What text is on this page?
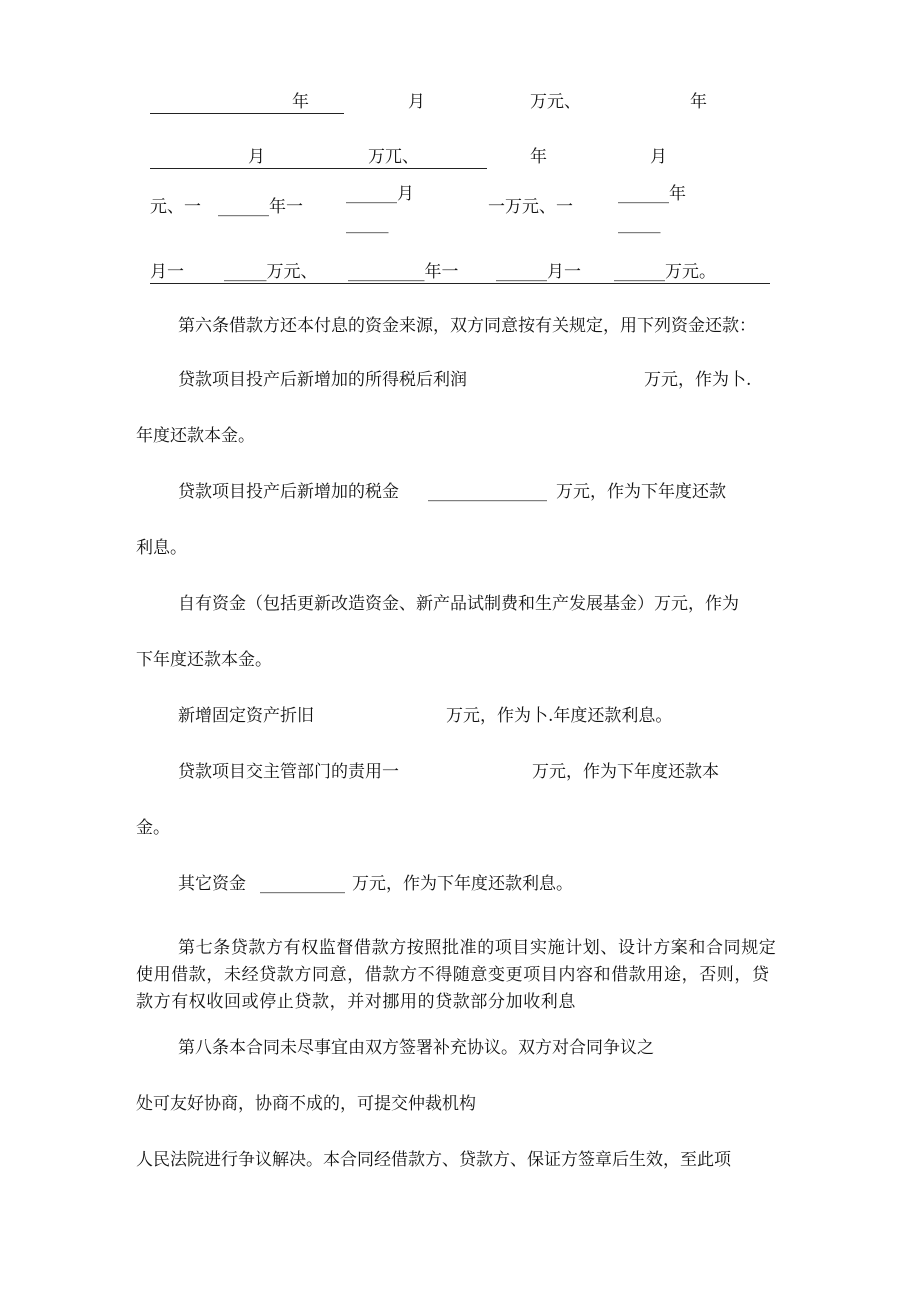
年	月	万元、	年
月	万兀、	年	月
元、一 ______年一
______月
_____
一万元、一
______年
_____
月一 _____万元、 _________年一 ______月一 ______万元。
第六条借款方还本付息的资金来源，双方同意按有关规定，用下列资金还款：
贷款项目投产后新增加的所得税后利润	万元，作为卜.
年度还款本金。
贷款项目投产后新增加的税金 ______________ 万元，作为下年度还款
利息。
自有资金（包括更新改造资金、新产品试制费和生产发展基金）万元，作为
下年度还款本金。
新增固定资产折旧	万元，作为卜.年度还款利息。
贷款项目交主管部门的责用一	万元，作为下年度还款本
金。
其它资金 __________ 万元，作为下年度还款利息。
第七条贷款方有权监督借款方按照批准的项目实施计划、设计方案和合同规定使用借款，未经贷款方同意，借款方不得随意变更项目内容和借款用途，否则，贷款方有权收回或停止贷款，并对挪用的贷款部分加收利息
第八条本合同未尽事宜由双方签署补充协议。双方对合同争议之
处可友好协商，协商不成的，可提交仲裁机构
人民法院进行争议解决。本合同经借款方、贷款方、保证方签章后生效，至此项
